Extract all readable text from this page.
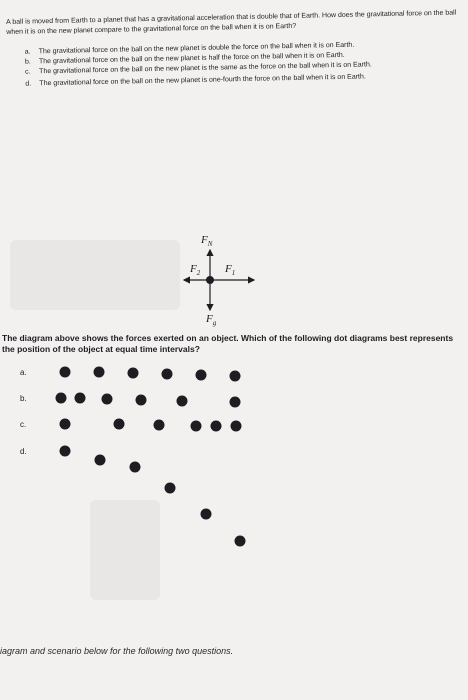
A ball is moved from Earth to a planet that has a gravitational acceleration that is double that of Earth. How does the gravitational force on the ball when it is on the new planet compare to the gravitational force on the ball when it is on Earth?
a.	The gravitational force on the ball on the new planet is double the force on the ball when it is on Earth.
b.	The gravitational force on the ball on the new planet is half the force on the ball when it is on Earth.
c.	The gravitational force on the ball on the new planet is the same as the force on the ball when it is on Earth.
d.	The gravitational force on the ball on the new planet is one-fourth the force on the ball when it is on Earth.
$F_N$
$F_2$ $F_1$
$F_g$
The diagram above shows the forces exerted on an object. Which of the following dot diagrams best represents the position of the object at equal time intervals?
a.
b.
c.
d.
iagram and scenario below for the following two questions.
